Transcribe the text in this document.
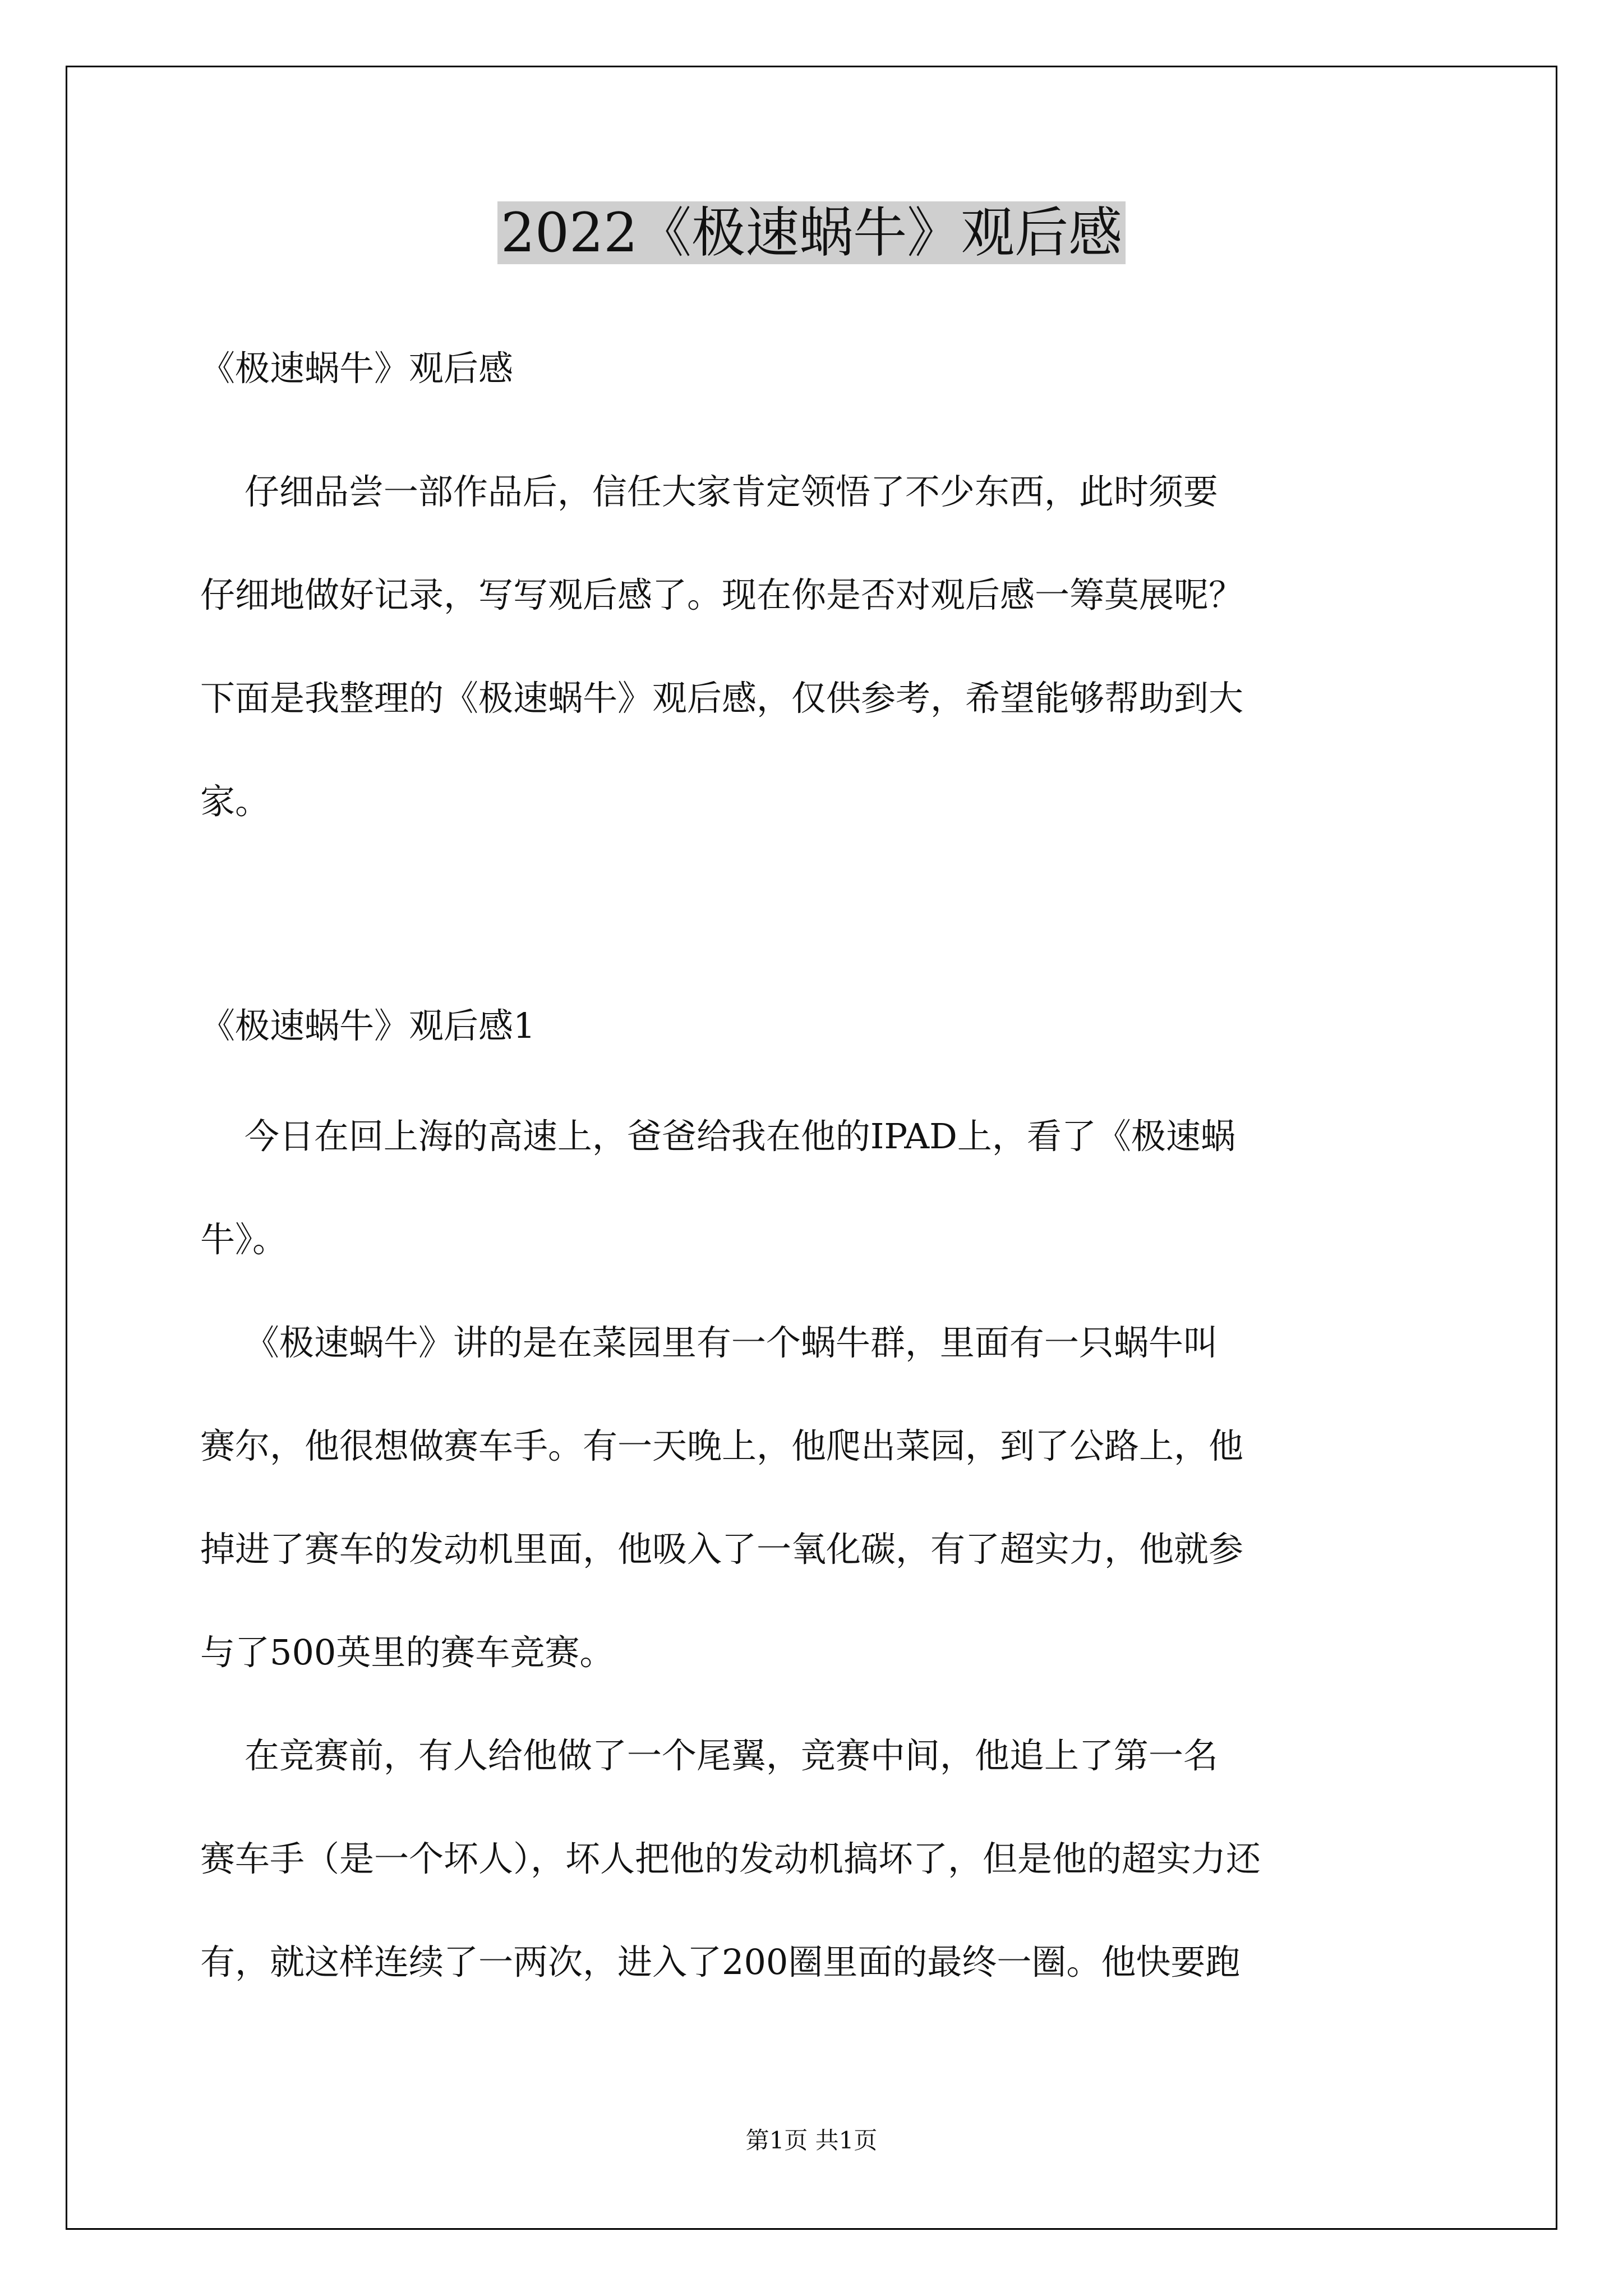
2022《极速蜗牛》观后感
《极速蜗牛》观后感
仔细品尝一部作品后，信任大家肯定领悟了不少东西，此时须要
仔细地做好记录，写写观后感了。现在你是否对观后感一筹莫展呢？
下面是我整理的《极速蜗牛》观后感，仅供参考，希望能够帮助到大
家。
《极速蜗牛》观后感1
今日在回上海的高速上，爸爸给我在他的IPAD上，看了《极速蜗
牛》。
《极速蜗牛》讲的是在菜园里有一个蜗牛群，里面有一只蜗牛叫
赛尔，他很想做赛车手。有一天晚上，他爬出菜园，到了公路上，他
掉进了赛车的发动机里面，他吸入了一氧化碳，有了超实力，他就参
与了500英里的赛车竞赛。
在竞赛前，有人给他做了一个尾翼，竞赛中间，他追上了第一名
赛车手（是一个坏人），坏人把他的发动机搞坏了，但是他的超实力还
有，就这样连续了一两次，进入了200圈里面的最终一圈。他快要跑
第1页 共1页
